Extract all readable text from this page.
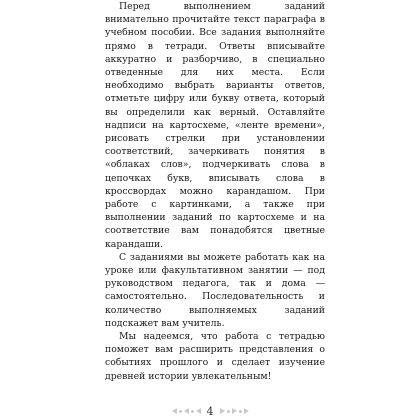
Перед выполнением заданий внимательно прочитайте текст параграфа в учебном пособии. Все задания выполняйте прямо в тетради. Ответы вписывайте аккуратно и разборчиво, в специально отведенные для них места. Если необходимо выбрать варианты ответов, отметьте цифру или букву ответа, который вы определили как верный. Оставляйте надписи на картосхеме, «ленте времени», рисовать стрелки при установлении соответствий, зачеркивать понятия в «облаках слов», подчеркивать слова в цепочках букв, вписывать слова в кроссвордах можно карандашом. При работе с картинками, а также при выполнении заданий по картосхеме и на соответствие вам понадобятся цветные карандаши.

С заданиями вы можете работать как на уроке или факультативном занятии — под руководством педагога, так и дома — самостоятельно. Последовательность и количество выполняемых заданий подскажет вам учитель.

Мы надеемся, что работа с тетрадью поможет вам расширить представления о событиях прошлого и сделает изучение древней истории увлекательным!

4
